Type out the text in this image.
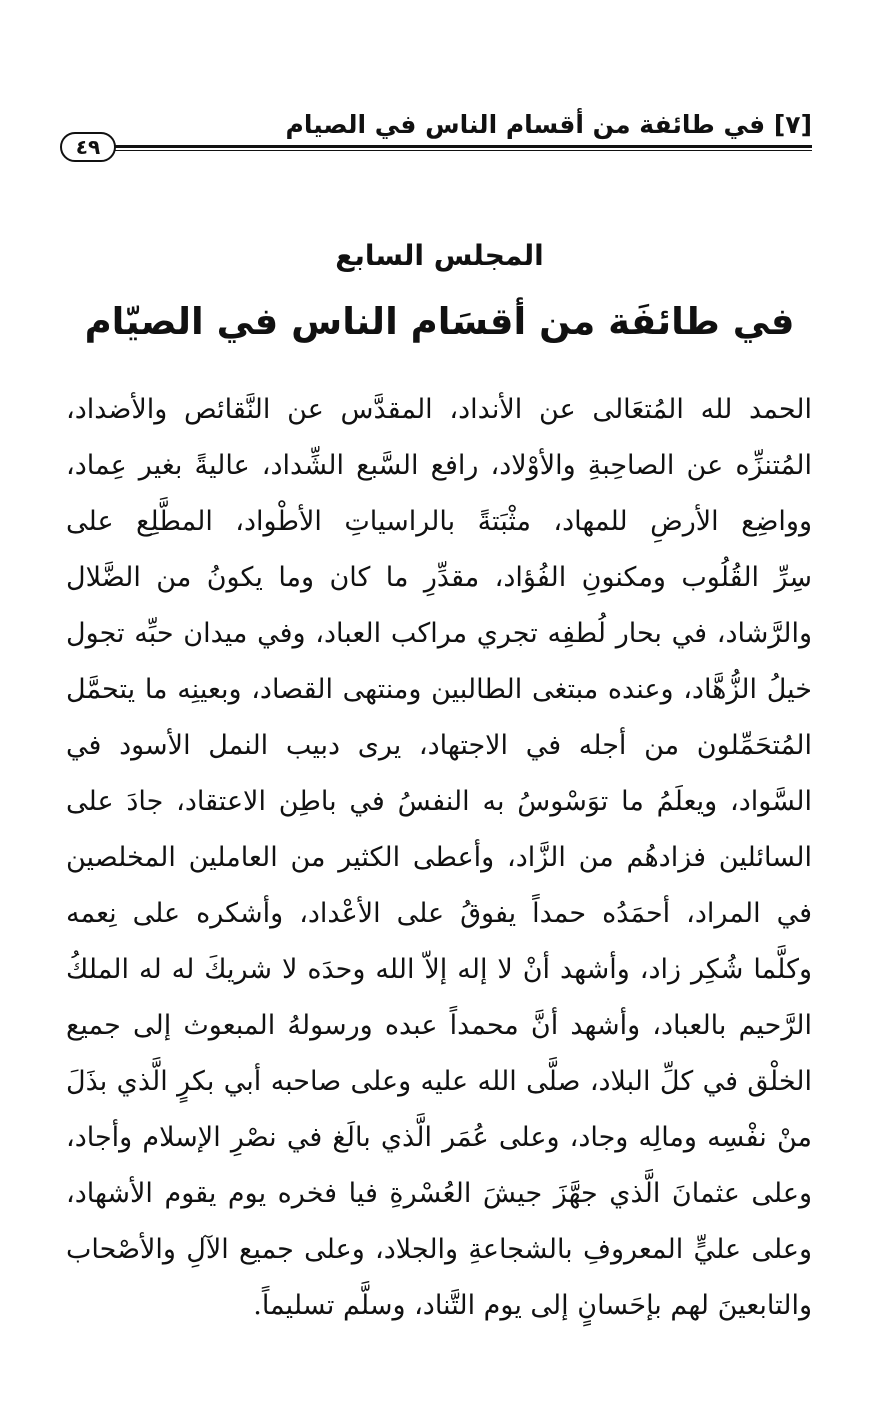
[٧] في طائفة من أقسام الناس في الصيام
٤٩
المجلس السابع
في طائفَة من أقسَام الناس في الصيّام
الحمد لله المُتعَالى عن الأنداد، المقدَّس عن النَّقائص والأضداد،
المُتنزِّه عن الصاحِبةِ والأوْلاد، رافع السَّبع الشِّداد، عاليةً بغير عِماد،
وواضِع الأرضِ للمهاد، مثْبَتةً بالراسياتِ الأطْواد، المطَّلِع على
سِرِّ القُلُوب ومكنونِ الفُؤاد، مقدِّرِ ما كان وما يكونُ من الضَّلال
والرَّشاد، في بحار لُطفِه تجري مراكب العباد، وفي ميدان حبِّه تجول
خيلُ الزُّهَّاد، وعنده مبتغى الطالبين ومنتهى القصاد، وبعينِه ما يتحمَّل
المُتحَمِّلون من أجله في الاجتهاد، يرى دبيب النمل الأسود في
السَّواد، ويعلَمُ ما توَسْوسُ به النفسُ في باطِن الاعتقاد، جادَ على
السائلين فزادهُم من الزَّاد، وأعطى الكثير من العاملين المخلصين
في المراد، أحمَدُه حمداً يفوقُ على الأعْداد، وأشكره على نِعمه
وكلَّما شُكِر زاد، وأشهد أنْ لا إله إلاّ الله وحدَه لا شريكَ له له الملكُ
الرَّحيم بالعباد، وأشهد أنَّ محمداً عبده ورسولهُ المبعوث إلى جميع
الخلْق في كلِّ البلاد، صلَّى الله عليه وعلى صاحبه أبي بكرٍ الَّذي بذَلَ
منْ نفْسِه ومالِه وجاد، وعلى عُمَر الَّذي بالَغ في نصْرِ الإسلام وأجاد،
وعلى عثمانَ الَّذي جهَّزَ جيشَ العُسْرةِ فيا فخره يوم يقوم الأشهاد،
وعلى عليٍّ المعروفِ بالشجاعةِ والجلاد، وعلى جميع الآلِ والأصْحاب
والتابعينَ لهم بإحَسانٍ إلى يوم التَّناد، وسلَّم تسليماً.
